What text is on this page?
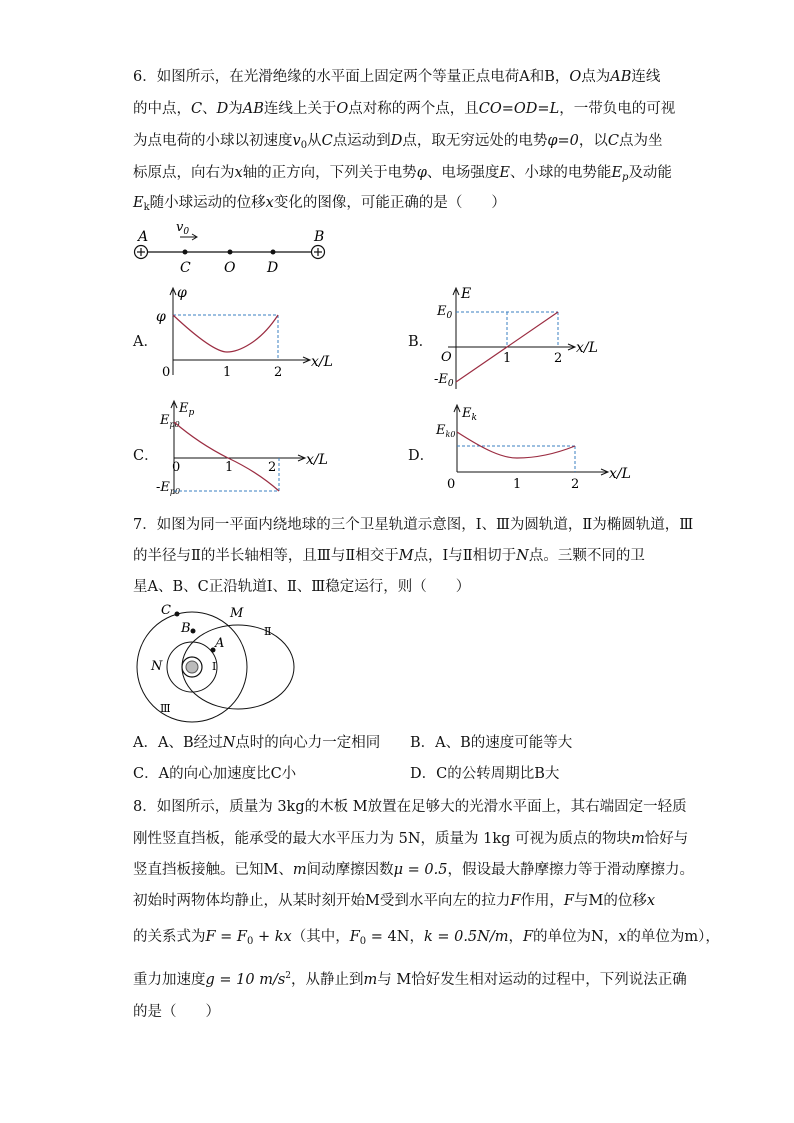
6．如图所示，在光滑绝缘的水平面上固定两个等量正点电荷A和B，O点为AB连线
的中点，C、D为AB连线上关于O点对称的两个点，且CO=OD=L，一带负电的可视
为点电荷的小球以初速度$v_0$从C点运动到D点，取无穷远处的电势φ=0，以C点为坐
标原点，向右为x轴的正方向，下列关于电势φ、电场强度E、小球的电势能$E_p$及动能
$E_k$随小球运动的位移x变化的图像，可能正确的是（　　）
A	B
C O D
$v_0$
A．
φ
φ
0	1	2
x/L
B．
E
$E_0$
$-E_0$
O	1	2
x/L
C．
$E_p$
$E_{p0}$
$-E_{p0}$
0	1	2 x/L	D．
$E_k$
$E_{k0}$
0	1	2
x/L
7．如图为同一平面内绕地球的三个卫星轨道示意图，Ⅰ、Ⅲ为圆轨道，Ⅱ为椭圆轨道，Ⅲ
的半径与Ⅱ的半长轴相等，且Ⅲ与Ⅱ相交于M点，Ⅰ与Ⅱ相切于N点。三颗不同的卫
星A、B、C正沿轨道Ⅰ、Ⅱ、Ⅲ稳定运行，则（　　）
C	M
B
A
N	Ⅰ
Ⅱ
Ⅲ
A．A、B经过N点时的向心力一定相同 B．A、B的速度可能等大
C．A的向心加速度比C小	D．C的公转周期比B大
8．如图所示，质量为 3kg的木板 M放置在足够大的光滑水平面上，其右端固定一轻质
刚性竖直挡板，能承受的最大水平压力为 5N，质量为 1kg 可视为质点的物块m恰好与
竖直挡板接触。已知M、m间动摩擦因数μ = 0.5，假设最大静摩擦力等于滑动摩擦力。
初始时两物体均静止，从某时刻开始M受到水平向左的拉力F作用，F与M的位移x
的关系式为$F = F_0 + kx$（其中，$F_0 = 4N$，k = 0.5N/m，F的单位为N，x的单位为m），
重力加速度g = 10 $m/s^2$，从静止到m与 M恰好发生相对运动的过程中，下列说法正确
的是（　　）
